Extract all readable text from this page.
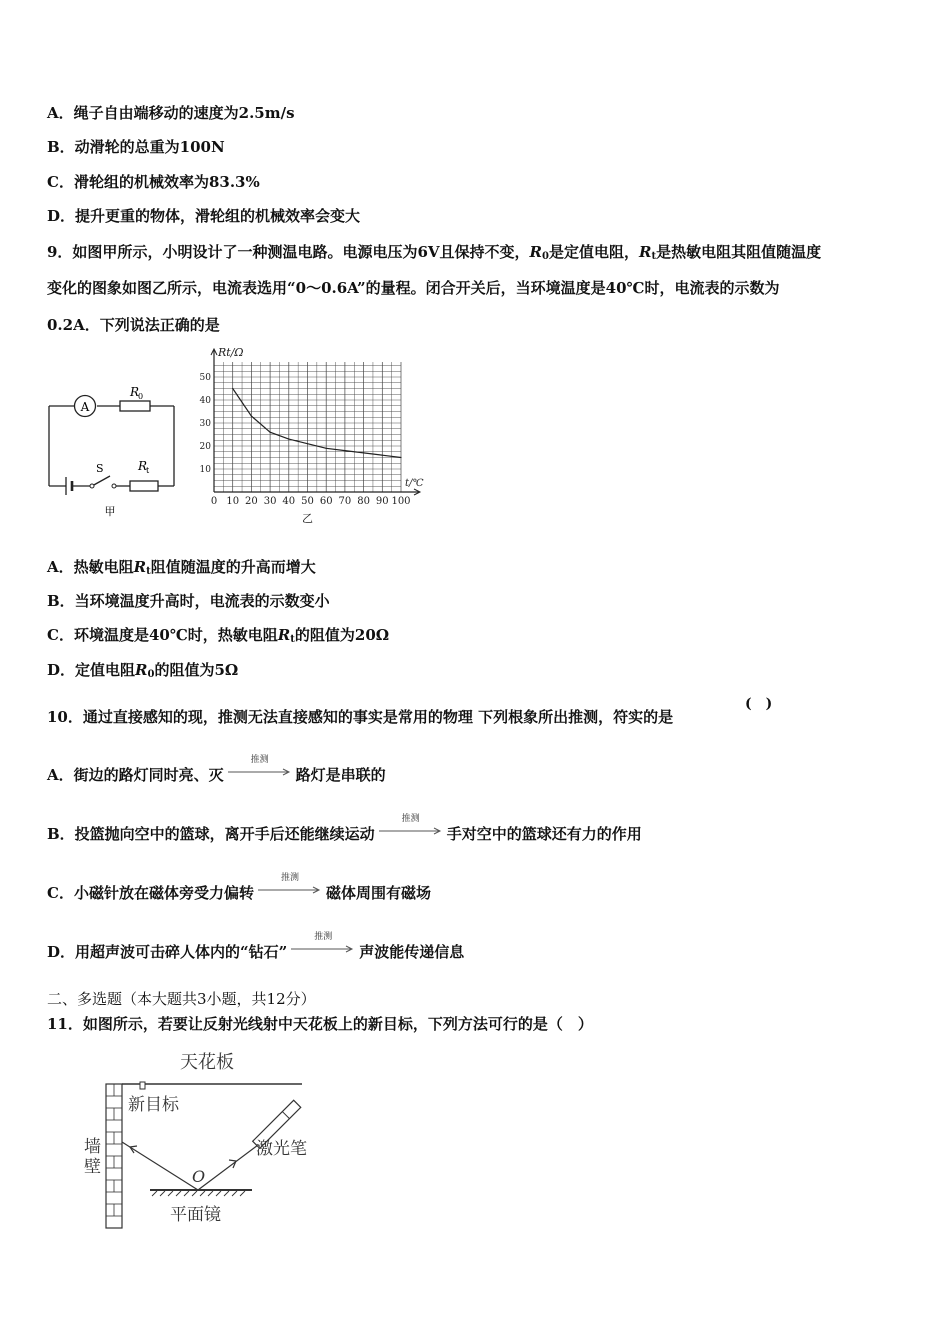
A．绳子自由端移动的速度为2.5m/s
B．动滑轮的总重为100N
C．滑轮组的机械效率为83.3%
D．提升更重的物体，滑轮组的机械效率会变大
9．如图甲所示，小明设计了一种测温电路。电源电压为6V且保持不变，$R_0$是定值电阻，$R_t$是热敏电阻其阻值随温度
变化的图象如图乙所示，电流表选用“0～0.6A”的量程。闭合开关后，当环境温度是40℃时，电流表的示数为
0.2A．下列说法正确的是
A
R
0
S	R
t
甲
0 10 20 30 40 50 60 70 80 90 100
10
20
30
40
50
Rt/Ω
t/℃
乙
A．热敏电阻$R_t$阻值随温度的升高而增大
B．当环境温度升高时，电流表的示数变小
C．环境温度是40℃时，热敏电阻$R_t$的阻值为20Ω
D．定值电阻$R_0$的阻值为5Ω
10．通过直接感知的现，推测无法直接感知的事实是常用的物理 下列根象所出推测，符实的是
(　)
A．街边的路灯同时亮、灭
推测
路灯是串联的
B．投篮抛向空中的篮球，离开手后还能继续运动
推测
手对空中的篮球还有力的作用
C．小磁针放在磁体旁受力偏转
推测
磁体周围有磁场
D．用超声波可击碎人体内的“钻石”
推测
声波能传递信息
二、多选题（本大题共3小题，共12分）
11．如图所示，若要让反射光线射中天花板上的新目标，下列方法可行的是（　）
天花板
新目标
墙
壁
激光笔
O
平面镜
